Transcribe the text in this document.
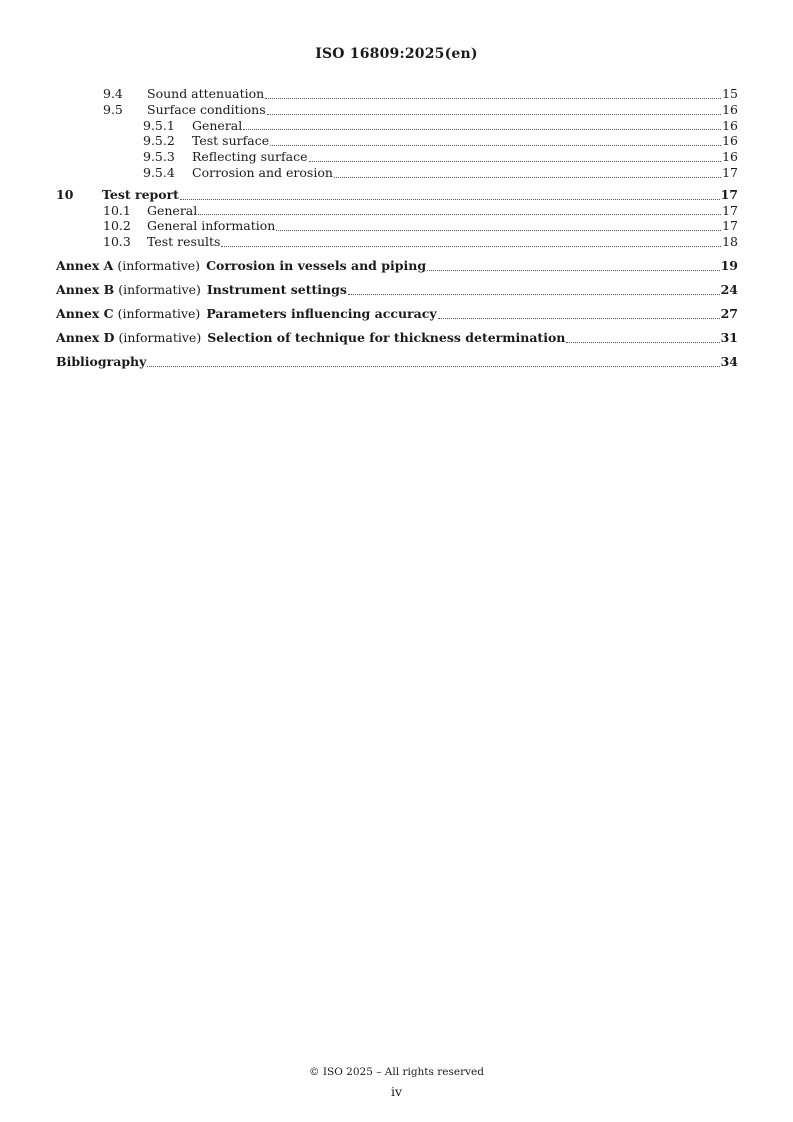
ISO 16809:2025(en)
9.4	Sound attenuation	15
9.5	Surface conditions	16
9.5.1	General	16
9.5.2	Test surface	16
9.5.3	Reflecting surface	16
9.5.4	Corrosion and erosion	17
10	Test report	17
10.1	General	17
10.2	General information	17
10.3	Test results	18
Annex A (informative) Corrosion in vessels and piping	19
Annex B (informative) Instrument settings	24
Annex C (informative) Parameters influencing accuracy	27
Annex D (informative) Selection of technique for thickness determination	31
Bibliography	34
© ISO 2025 – All rights reserved
iv
